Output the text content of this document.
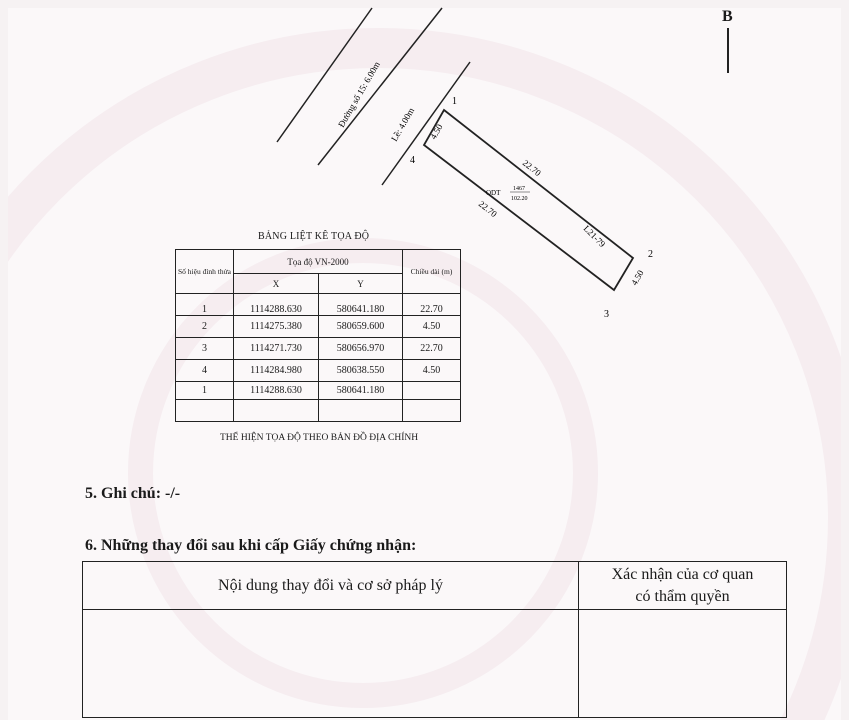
B
Đường số 15: 6.00m Lề: 4.00m
1
2
3
4	22.70
22.70
4.50
4.50
ODT 1467
102.20
L21-79
BẢNG LIỆT KÊ TỌA ĐỘ
Số hiệu đỉnh thửa	Tọa độ VN-2000		Chiều dài (m)
	X	Y	
1	1114288.630	580641.180	22.70
2	1114275.380	580659.600	4.50
3	1114271.730	580656.970	22.70
4	1114284.980	580638.550	4.50
1	1114288.630	580641.180	

THỂ HIỆN TỌA ĐỘ THEO BẢN ĐỒ ĐỊA CHÍNH
5. Ghi chú: -/-
6. Những thay đổi sau khi cấp Giấy chứng nhận:
Nội dung thay đổi và cơ sở pháp lý	Xác nhận của cơ quan
có thẩm quyền
